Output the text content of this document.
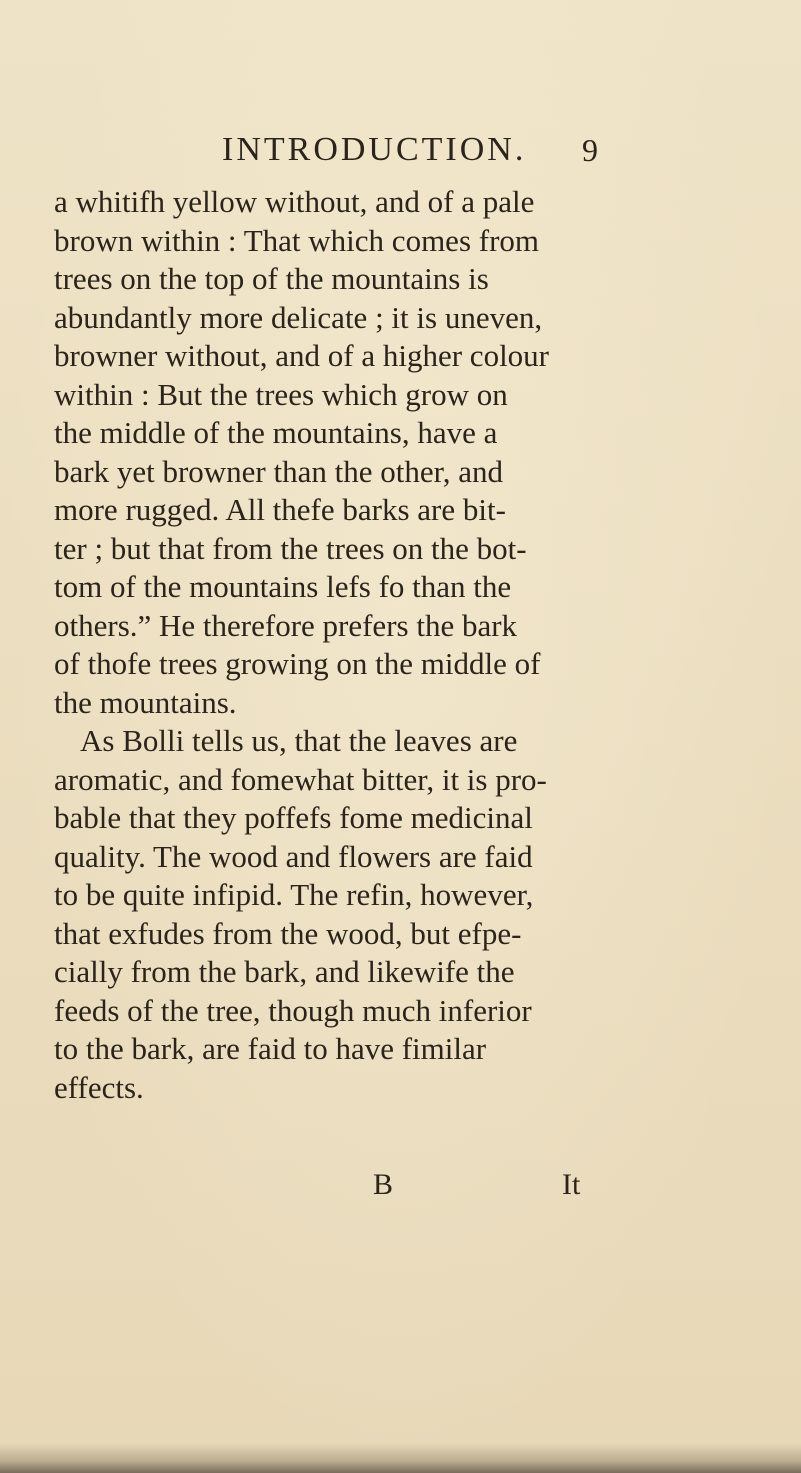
INTRODUCTION. 9
a whitifh yellow without, and of a pale
brown within : That which comes from
trees on the top of the mountains is
abundantly more delicate ; it is uneven,
browner without, and of a higher colour
within : But the trees which grow on
the middle of the mountains, have a
bark yet browner than the other, and
more rugged. All thefe barks are bit-
ter ; but that from the trees on the bot-
tom of the mountains lefs fo than the
others.” He therefore prefers the bark
of thofe trees growing on the middle of
the mountains.
As Bolli tells us, that the leaves are
aromatic, and fomewhat bitter, it is pro-
bable that they poffefs fome medicinal
quality. The wood and flowers are faid
to be quite infipid. The refin, however,
that exfudes from the wood, but efpe-
cially from the bark, and likewife the
feeds of the tree, though much inferior
to the bark, are faid to have fimilar
effects.
B	It
